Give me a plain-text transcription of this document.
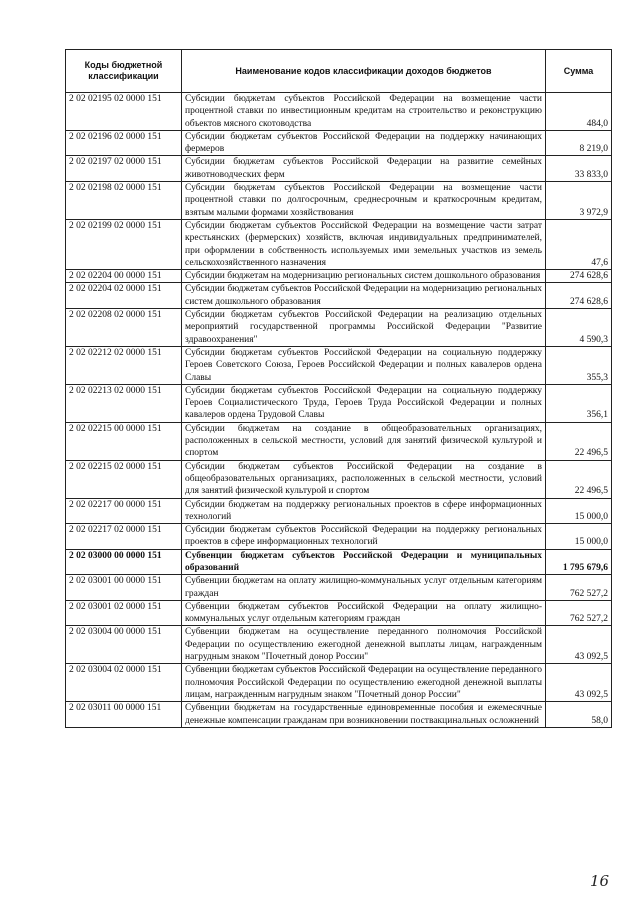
Коды бюджетной классификации	Наименование кодов классификации доходов бюджетов	Сумма
2 02 02195 02 0000 151	Субсидии бюджетам субъектов Российской Федерации на возмещение части процентной ставки по инвестиционным кредитам на строительство и реконструкцию объектов мясного скотоводства	484,0
2 02 02196 02 0000 151	Субсидии бюджетам субъектов Российской Федерации на поддержку начинающих фермеров	8 219,0
2 02 02197 02 0000 151	Субсидии бюджетам субъектов Российской Федерации на развитие семейных животноводческих ферм	33 833,0
2 02 02198 02 0000 151	Субсидии бюджетам субъектов Российской Федерации на возмещение части процентной ставки по долгосрочным, среднесрочным и краткосрочным кредитам, взятым малыми формами хозяйствования	3 972,9
2 02 02199 02 0000 151	Субсидии бюджетам субъектов Российской Федерации на возмещение части затрат крестьянских (фермерских) хозяйств, включая индивидуальных предпринимателей, при оформлении в собственность используемых ими земельных участков из земель сельскохозяйственного назначения	47,6
2 02 02204 00 0000 151	Субсидии бюджетам на модернизацию региональных систем дошкольного образования	274 628,6
2 02 02204 02 0000 151	Субсидии бюджетам субъектов Российской Федерации на модернизацию региональных систем дошкольного образования	274 628,6
2 02 02208 02 0000 151	Субсидии бюджетам субъектов Российской Федерации на реализацию отдельных мероприятий государственной программы Российской Федерации "Развитие здравоохранения"	4 590,3
2 02 02212 02 0000 151	Субсидии бюджетам субъектов Российской Федерации на социальную поддержку Героев Советского Союза, Героев Российской Федерации и полных кавалеров ордена Славы	355,3
2 02 02213 02 0000 151	Субсидии бюджетам субъектов Российской Федерации на социальную поддержку Героев Социалистического Труда, Героев Труда Российской Федерации и полных кавалеров ордена Трудовой Славы	356,1
2 02 02215 00 0000 151	Субсидии бюджетам на создание в общеобразовательных организациях, расположенных в сельской местности, условий для занятий физической культурой и спортом	22 496,5
2 02 02215 02 0000 151	Субсидии бюджетам субъектов Российской Федерации на создание в общеобразовательных организациях, расположенных в сельской местности, условий для занятий физической культурой и спортом	22 496,5
2 02 02217 00 0000 151	Субсидии бюджетам на поддержку региональных проектов в сфере информационных технологий	15 000,0
2 02 02217 02 0000 151	Субсидии бюджетам субъектов Российской Федерации на поддержку региональных проектов в сфере информационных технологий	15 000,0
2 02 03000 00 0000 151	Субвенции бюджетам субъектов Российской Федерации и муниципальных образований	1 795 679,6
2 02 03001 00 0000 151	Субвенции бюджетам на оплату жилищно-коммунальных услуг отдельным категориям граждан	762 527,2
2 02 03001 02 0000 151	Субвенции бюджетам субъектов Российской Федерации на оплату жилищно-коммунальных услуг отдельным категориям граждан	762 527,2
2 02 03004 00 0000 151	Субвенции бюджетам на осуществление переданного полномочия Российской Федерации по осуществлению ежегодной денежной выплаты лицам, награжденным нагрудным знаком "Почетный донор России"	43 092,5
2 02 03004 02 0000 151	Субвенции бюджетам субъектов Российской Федерации на осуществление переданного полномочия Российской Федерации по осуществлению ежегодной денежной выплаты лицам, награжденным нагрудным знаком "Почетный донор России"	43 092,5
2 02 03011 00 0000 151	Субвенции бюджетам на государственные единовременные пособия и ежемесячные денежные компенсации гражданам при возникновении поствакцинальных осложнений	58,0
16
